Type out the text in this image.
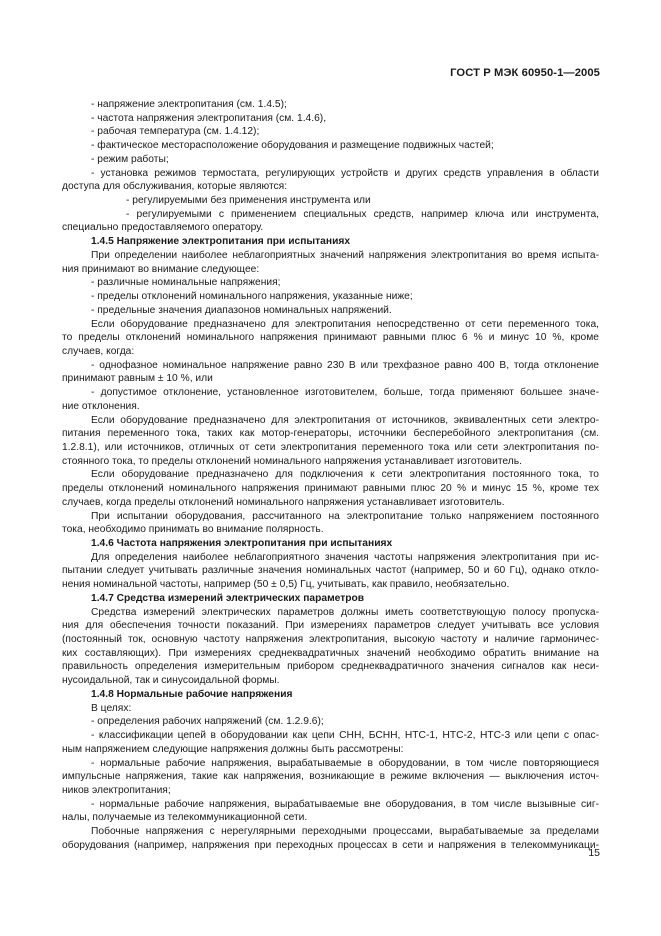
ГОСТ Р МЭК 60950-1—2005
- напряжение электропитания (см. 1.4.5);
- частота напряжения электропитания (см. 1.4.6),
- рабочая температура (см. 1.4.12);
- фактическое месторасположение оборудования и размещение подвижных частей;
- режим работы;
- установка режимов термостата, регулирующих устройств и других средств управления в области
доступа для обслуживания, которые являются:
- регулируемыми без применения инструмента или
- регулируемыми с применением специальных средств, например ключа или инструмента,
специально предоставляемого оператору.
1.4.5 Напряжение электропитания при испытаниях
При определении наиболее неблагоприятных значений напряжения электропитания во время испыта-
ния принимают во внимание следующее:
- различные номинальные напряжения;
- пределы отклонений номинального напряжения, указанные ниже;
- предельные значения диапазонов номинальных напряжений.
Если оборудование предназначено для электропитания непосредственно от сети переменного тока,
то пределы отклонений номинального напряжения принимают равными плюс 6 % и минус 10 %, кроме
случаев, когда:
- однофазное номинальное напряжение равно 230 В или трехфазное равно 400 В, тогда отклонение
принимают равным ± 10 %, или
- допустимое отклонение, установленное изготовителем, больше, тогда применяют большее значе-
ние отклонения.
Если оборудование предназначено для электропитания от источников, эквивалентных сети электро-
питания переменного тока, таких как мотор-генераторы, источники бесперебойного электропитания (см.
1.2.8.1), или источников, отличных от сети электропитания переменного тока или сети электропитания по-
стоянного тока, то пределы отклонений номинального напряжения устанавливает изготовитель.
Если оборудование предназначено для подключения к сети электропитания постоянного тока, то
пределы отклонений номинального напряжения принимают равными плюс 20 % и минус 15 %, кроме тех
случаев, когда пределы отклонений номинального напряжения устанавливает изготовитель.
При испытании оборудования, рассчитанного на электропитание только напряжением постоянного
тока, необходимо принимать во внимание полярность.
1.4.6 Частота напряжения электропитания при испытаниях
Для определения наиболее неблагоприятного значения частоты напряжения электропитания при ис-
пытании следует учитывать различные значения номинальных частот (например, 50 и 60 Гц), однако откло-
нения номинальной частоты, например (50 ± 0,5) Гц, учитывать, как правило, необязательно.
1.4.7 Средства измерений электрических параметров
Средства измерений электрических параметров должны иметь соответствующую полосу пропуска-
ния для обеспечения точности показаний. При измерениях параметров следует учитывать все условия
(постоянный ток, основную частоту напряжения электропитания, высокую частоту и наличие гармоничес-
ких составляющих). При измерениях среднеквадратичных значений необходимо обратить внимание на
правильность определения измерительным прибором среднеквадратичного значения сигналов как неси-
нусоидальной, так и синусоидальной формы.
1.4.8 Нормальные рабочие напряжения
В целях:
- определения рабочих напряжений (см. 1.2.9.6);
- классификации цепей в оборудовании как цепи СНН, БСНН, НТС-1, НТС-2, НТС-3 или цепи с опас-
ным напряжением следующие напряжения должны быть рассмотрены:
- нормальные рабочие напряжения, вырабатываемые в оборудовании, в том числе повторяющиеся
импульсные напряжения, такие как напряжения, возникающие в режиме включения — выключения источ-
ников электропитания;
- нормальные рабочие напряжения, вырабатываемые вне оборудования, в том числе вызывные сиг-
налы, получаемые из телекоммуникационной сети.
Побочные напряжения с нерегулярными переходными процессами, вырабатываемые за пределами
оборудования (например, напряжения при переходных процессах в сети и напряжения в телекоммуникаци-
15
